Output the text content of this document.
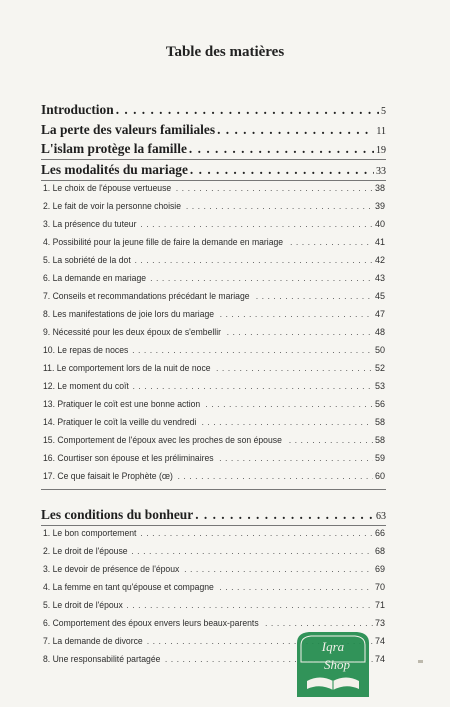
Table des matières
Introduction . . .	5
La perte des valeurs familiales . . .	11
L'islam protège la famille . . .	19
Les modalités du mariage . . .	33
1. Le choix de l'épouse vertueuse . . .	38
2. Le fait de voir la personne choisie . . .	39
3. La présence du tuteur . . .	40
4. Possibilité pour la jeune fille de faire la demande en mariage . . .	41
5. La sobriété de la dot . . .	42
6. La demande en mariage . . .	43
7. Conseils et recommandations précédant le mariage . . .	45
8. Les manifestations de joie lors du mariage . . .	47
9. Nécessité pour les deux époux de s'embellir . . .	48
10. Le repas de noces . . .	50
11. Le comportement lors de la nuit de noce . . .	52
12. Le moment du coït . . .	53
13. Pratiquer le coït est une bonne action . . .	56
14. Pratiquer le coït la veille du vendredi . . .	58
15. Comportement de l'époux avec les proches de son épouse . . .	58
16. Courtiser son épouse et les préliminaires . . .	59
17. Ce que faisait le Prophète (œ) . . .	60
Les conditions du bonheur . . .	63
1. Le bon comportement . . .	66
2. Le droit de l'épouse . . .	68
3. Le devoir de présence de l'époux . . .	69
4. La femme en tant qu'épouse et compagne . . .	70
5. Le droit de l'époux . . .	71
6. Comportement des époux envers leurs beaux-parents . . .	73
7. La demande de divorce . . .	74
8. Une responsabilité partagée . . .	74
Iqra
Shop
